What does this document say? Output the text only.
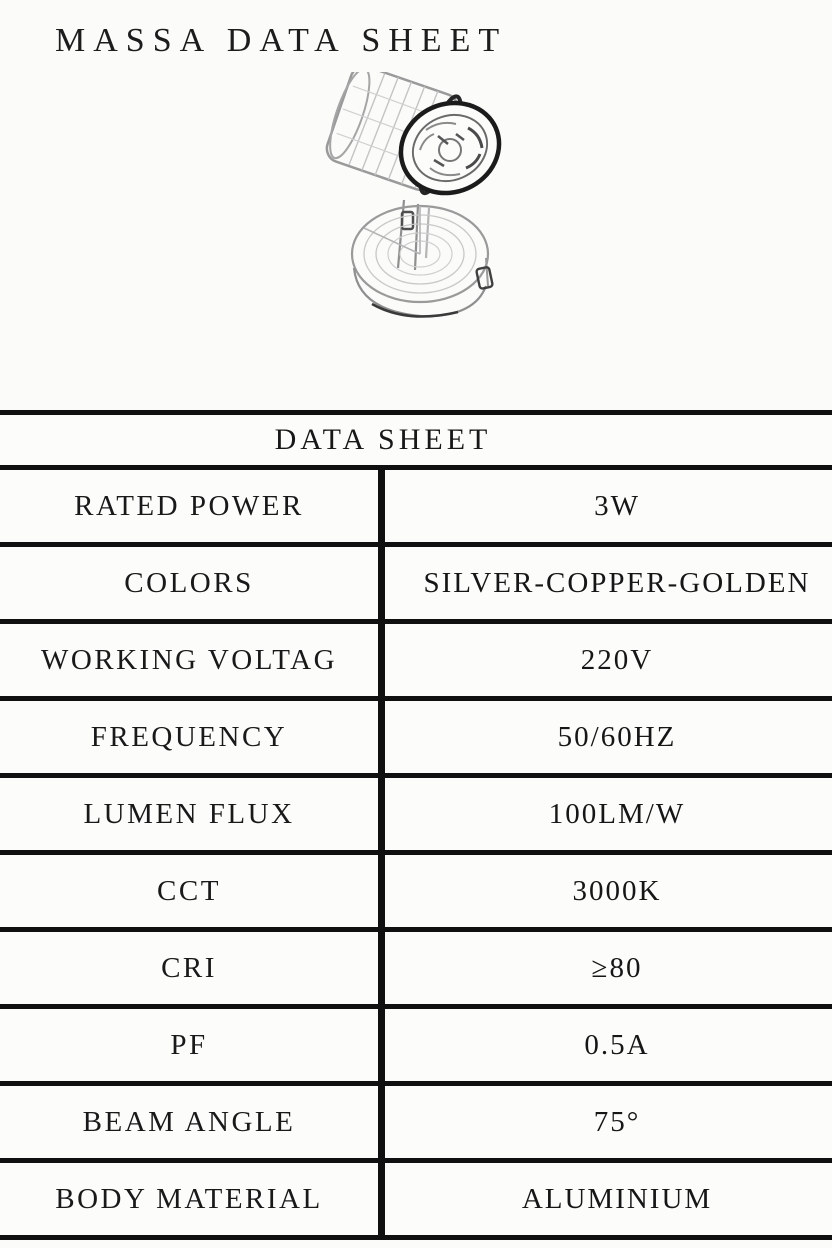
MASSA DATA SHEET
DATA SHEET
RATED POWER	3W
COLORS	SILVER-COPPER-GOLDEN
WORKING VOLTAG	220V
FREQUENCY	50/60HZ
LUMEN FLUX	100LM/W
CCT	3000K
CRI	≥80
PF	0.5A
BEAM ANGLE	75°
BODY MATERIAL	ALUMINIUM
